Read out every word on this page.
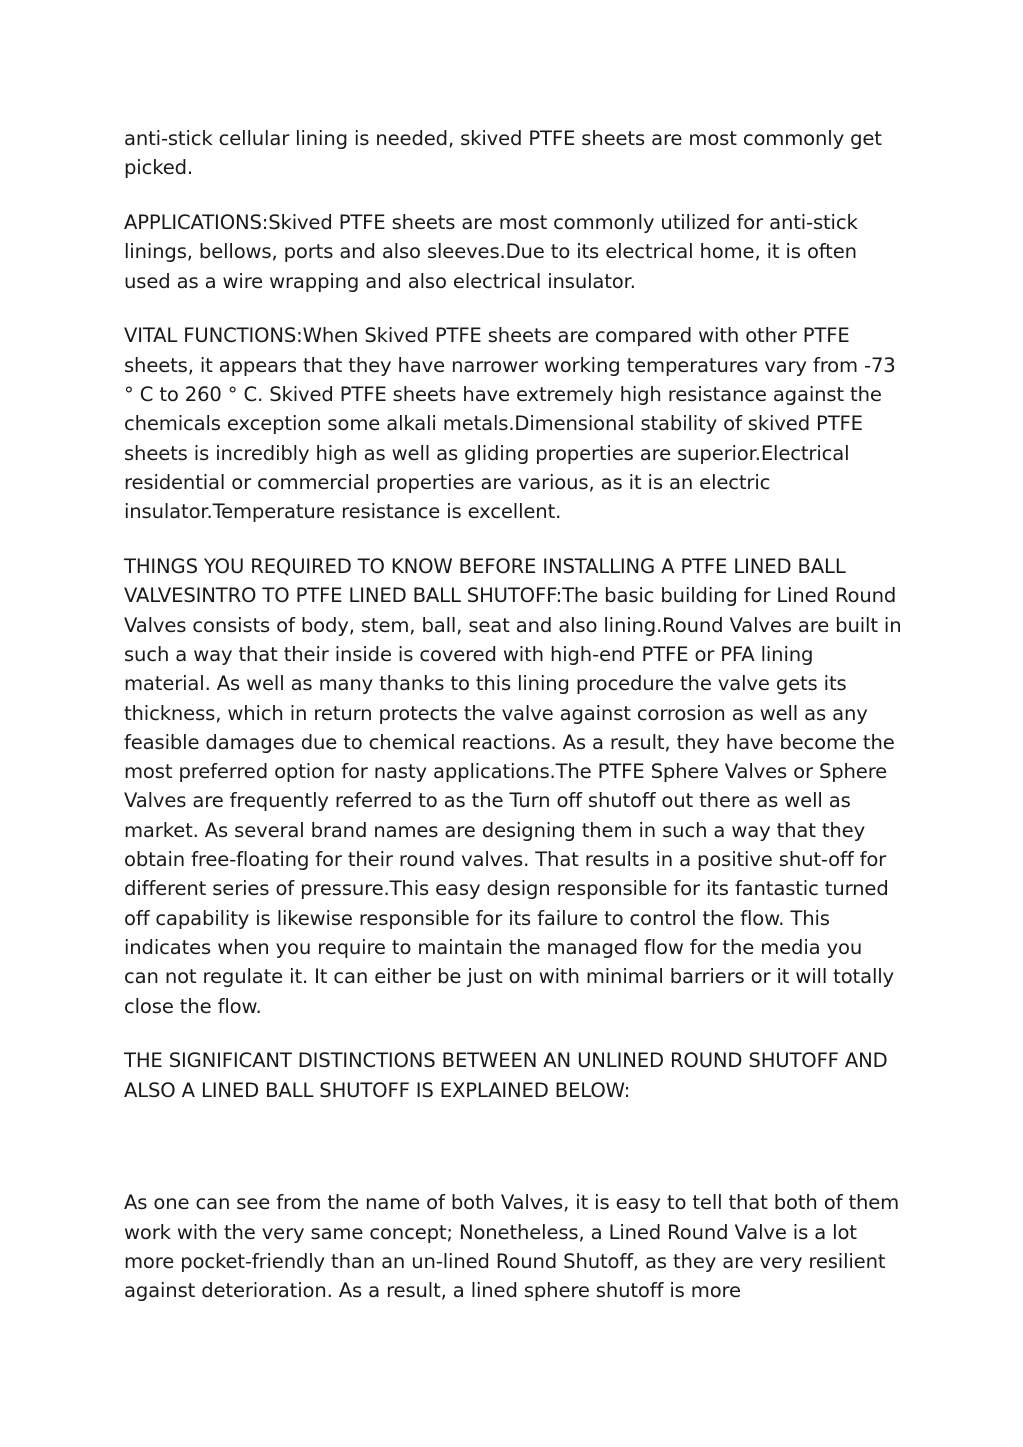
anti-stick cellular lining is needed, skived PTFE sheets are most commonly get picked.

APPLICATIONS:Skived PTFE sheets are most commonly utilized for anti-stick linings, bellows, ports and also sleeves.Due to its electrical home, it is often used as a wire wrapping and also electrical insulator.

VITAL FUNCTIONS:When Skived PTFE sheets are compared with other PTFE sheets, it appears that they have narrower working temperatures vary from -73 ° C to 260 ° C. Skived PTFE sheets have extremely high resistance against the chemicals exception some alkali metals.Dimensional stability of skived PTFE sheets is incredibly high as well as gliding properties are superior.Electrical residential or commercial properties are various, as it is an electric insulator.Temperature resistance is excellent.

THINGS YOU REQUIRED TO KNOW BEFORE INSTALLING A PTFE LINED BALL VALVESINTRO TO PTFE LINED BALL SHUTOFF:The basic building for Lined Round Valves consists of body, stem, ball, seat and also lining.Round Valves are built in such a way that their inside is covered with high-end PTFE or PFA lining material. As well as many thanks to this lining procedure the valve gets its thickness, which in return protects the valve against corrosion as well as any feasible damages due to chemical reactions. As a result, they have become the most preferred option for nasty applications.The PTFE Sphere Valves or Sphere Valves are frequently referred to as the Turn off shutoff out there as well as market. As several brand names are designing them in such a way that they obtain free-floating for their round valves. That results in a positive shut-off for different series of pressure.This easy design responsible for its fantastic turned off capability is likewise responsible for its failure to control the flow. This indicates when you require to maintain the managed flow for the media you can not regulate it. It can either be just on with minimal barriers or it will totally close the flow.

THE SIGNIFICANT DISTINCTIONS BETWEEN AN UNLINED ROUND SHUTOFF AND ALSO A LINED BALL SHUTOFF IS EXPLAINED BELOW:

As one can see from the name of both Valves, it is easy to tell that both of them work with the very same concept; Nonetheless, a Lined Round Valve is a lot more pocket-friendly than an un-lined Round Shutoff, as they are very resilient against deterioration. As a result, a lined sphere shutoff is more
